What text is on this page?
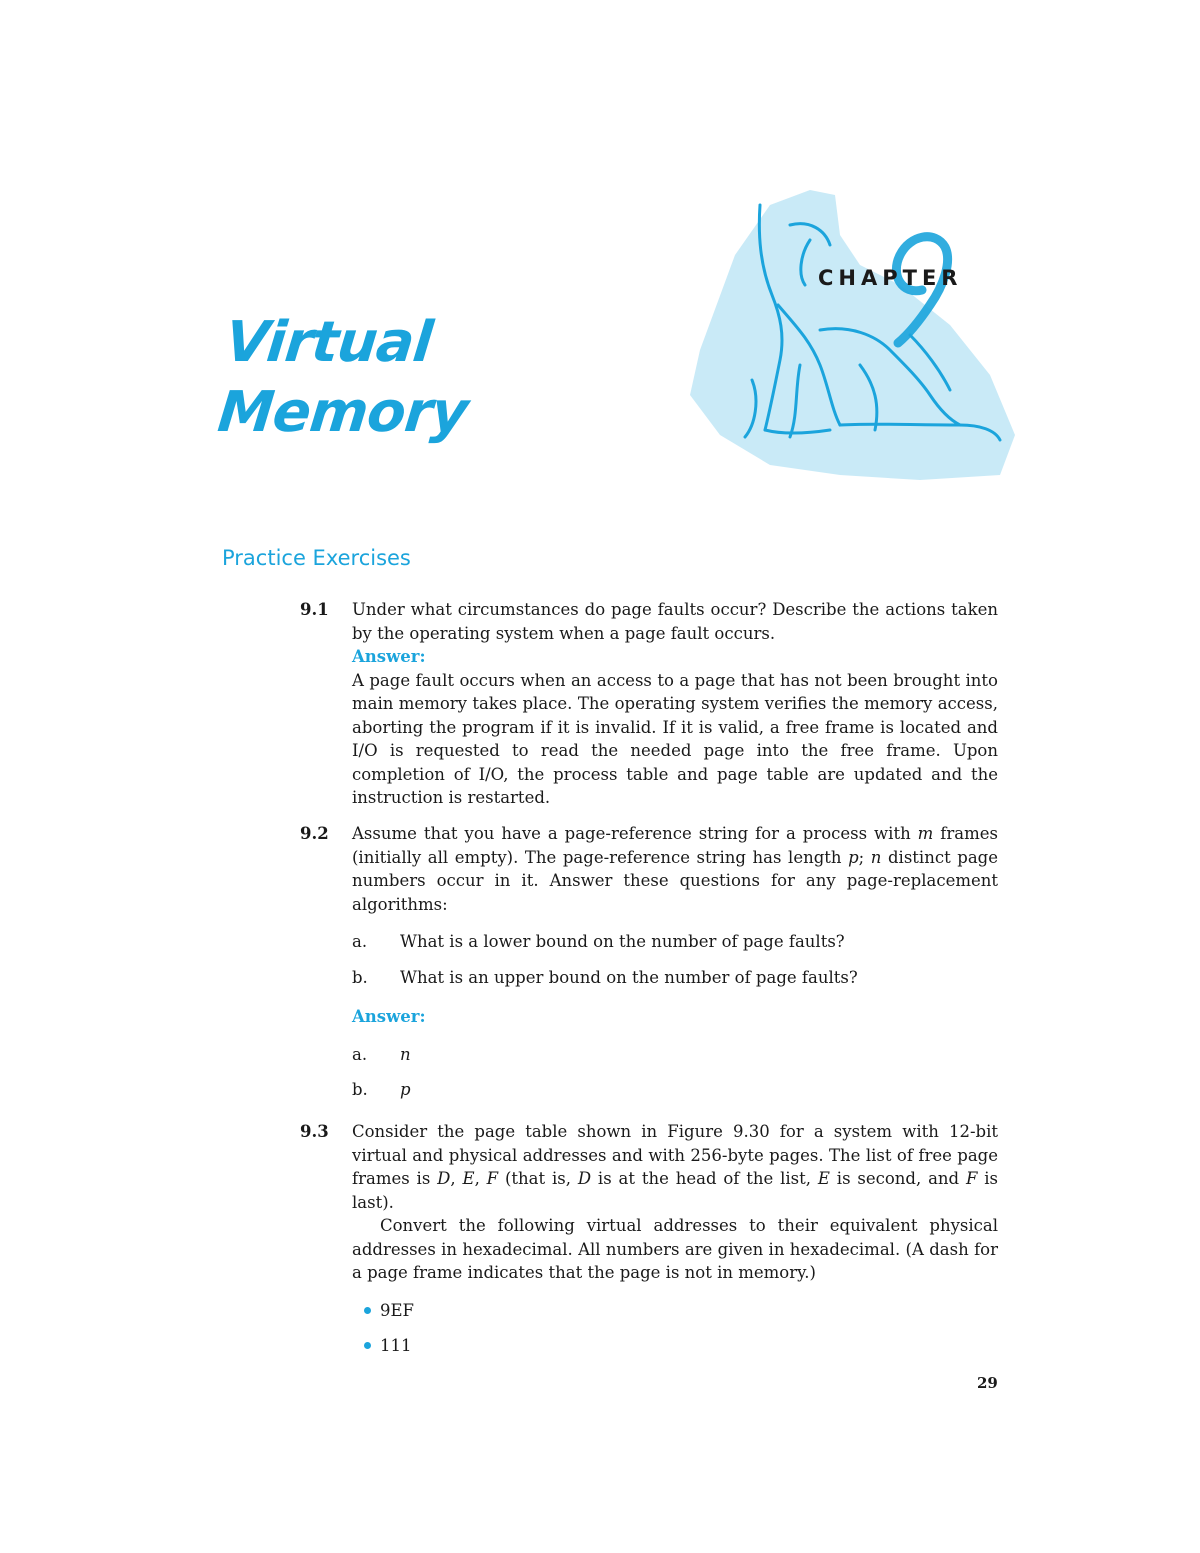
CHAPTER
Virtual
Memory
Practice Exercises
9.1 Under what circumstances do page faults occur? Describe the actions taken by the operating system when a page fault occurs.

Answer:

A page fault occurs when an access to a page that has not been brought into main memory takes place. The operating system verifies the memory access, aborting the program if it is invalid. If it is valid, a free frame is located and I/O is requested to read the needed page into the free frame. Upon completion of I/O, the process table and page table are updated and the instruction is restarted.

9.2 Assume that you have a page-reference string for a process with m frames (initially all empty). The page-reference string has length p; n distinct page numbers occur in it. Answer these questions for any page-replacement algorithms:

a. What is a lower bound on the number of page faults?
b. What is an upper bound on the number of page faults?

Answer:

a. n
b. p
9.3 Consider the page table shown in Figure 9.30 for a system with 12-bit virtual and physical addresses and with 256-byte pages. The list of free page frames is D, E, F (that is, D is at the head of the list, E is second, and F is last).

Convert the following virtual addresses to their equivalent physical addresses in hexadecimal. All numbers are given in hexadecimal. (A dash for a page frame indicates that the page is not in memory.)

9EF
111
29
